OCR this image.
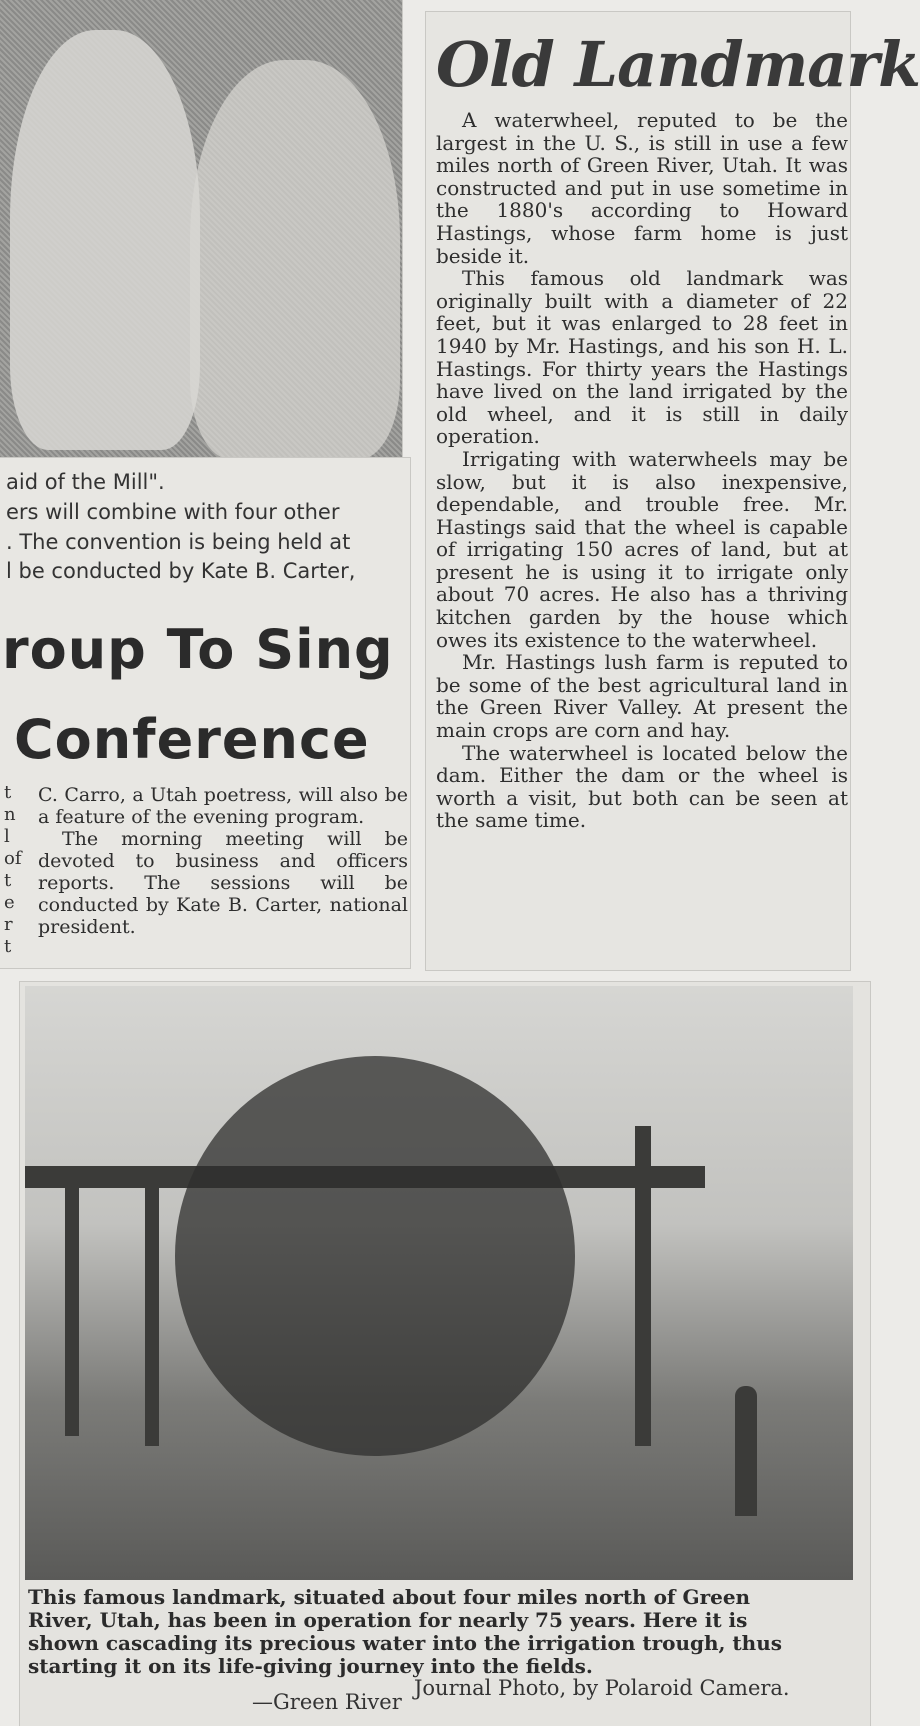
aid of the Mill".
ers will combine with four other
. The convention is being held at
l be conducted by Kate B. Carter,
roup To Sing
Conference
t
n
l
of
t
e
r
t

C. Carro, a Utah poetress, will also be a feature of the evening program.

The morning meeting will be devoted to business and officers reports. The sessions will be conducted by Kate B. Carter, national president.

Old Landmark

A waterwheel, reputed to be the largest in the U. S., is still in use a few miles north of Green River, Utah. It was constructed and put in use sometime in the 1880's according to Howard Hastings, whose farm home is just beside it.

This famous old landmark was originally built with a diameter of 22 feet, but it was enlarged to 28 feet in 1940 by Mr. Hastings, and his son H. L. Hastings. For thirty years the Hastings have lived on the land irrigated by the old wheel, and it is still in daily operation.

Irrigating with waterwheels may be slow, but it is also inexpensive, dependable, and trouble free. Mr. Hastings said that the wheel is capable of irrigating 150 acres of land, but at present he is using it to irrigate only about 70 acres. He also has a thriving kitchen garden by the house which owes its existence to the waterwheel.

Mr. Hastings lush farm is reputed to be some of the best agricultural land in the Green River Valley. At present the main crops are corn and hay.

The waterwheel is located below the dam. Either the dam or the wheel is worth a visit, but both can be seen at the same time.

This famous landmark, situated about four miles north of Green

River, Utah, has been in operation for nearly 75 years. Here it is

shown cascading its precious water into the irrigation trough, thus

starting it on its life-giving journey into the fields.

—Green River
Journal Photo, by Polaroid Camera.
